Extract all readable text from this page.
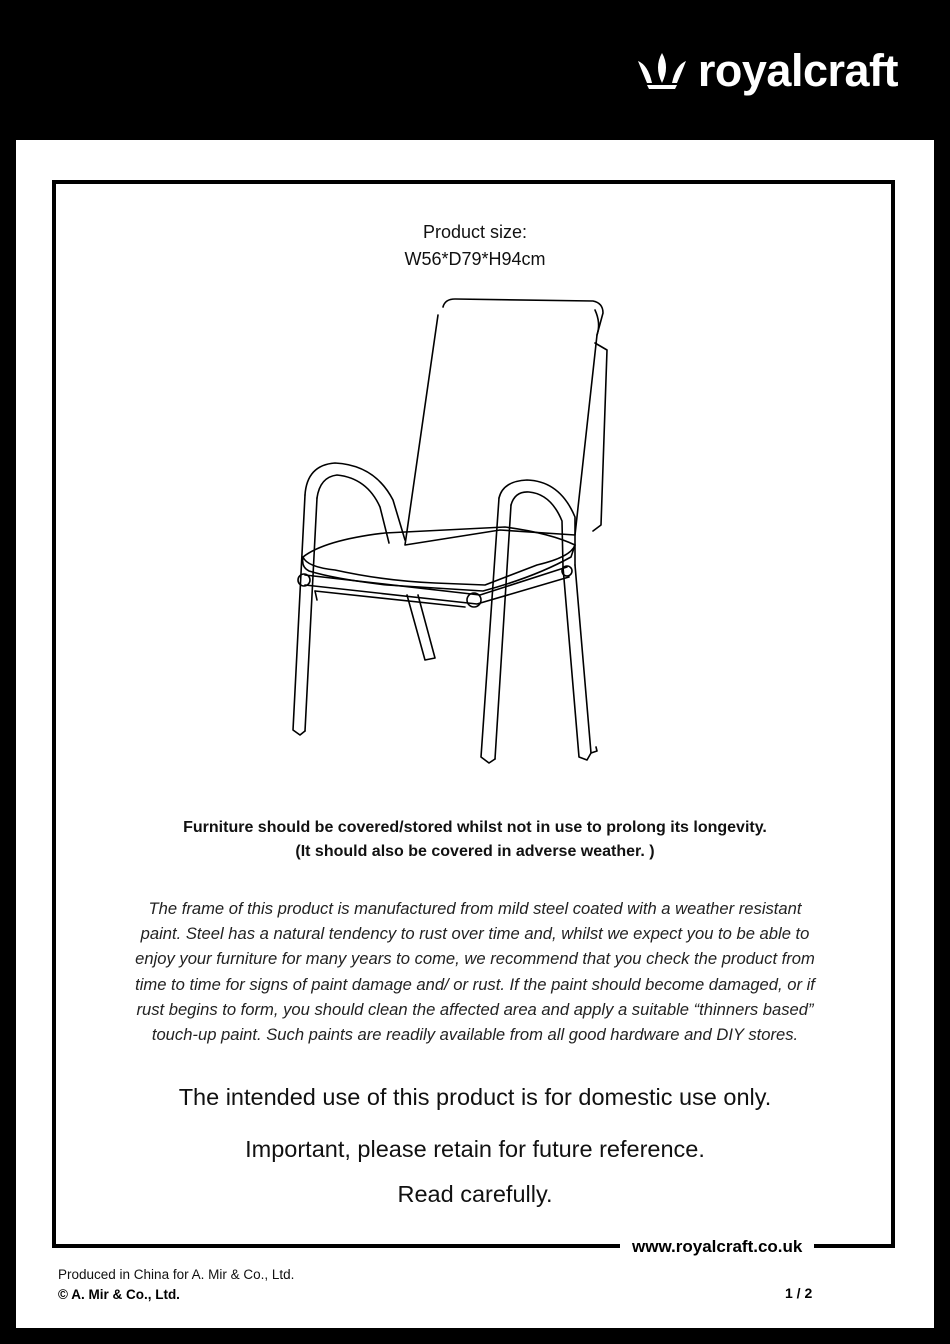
royalcraft
Product size:
W56*D79*H94cm
Furniture should be covered/stored whilst not in use to prolong its longevity.
(It should also be covered in adverse weather. )
The frame of this product is manufactured from mild steel coated with a weather resistant
paint. Steel has a natural tendency to rust over time and, whilst we expect you to be able to
enjoy your furniture for many years to come, we recommend that you check the product from
time to time for signs of paint damage and/ or rust. If the paint should become damaged, or if
rust begins to form, you should clean the affected area and apply a suitable “thinners based”
touch-up paint. Such paints are readily available from all good hardware and DIY stores.
The intended use of this product is for domestic use only.
Important, please retain for future reference.
Read carefully.
www.royalcraft.co.uk
Produced in China for A. Mir & Co., Ltd.
© A. Mir & Co., Ltd.	1 / 2
